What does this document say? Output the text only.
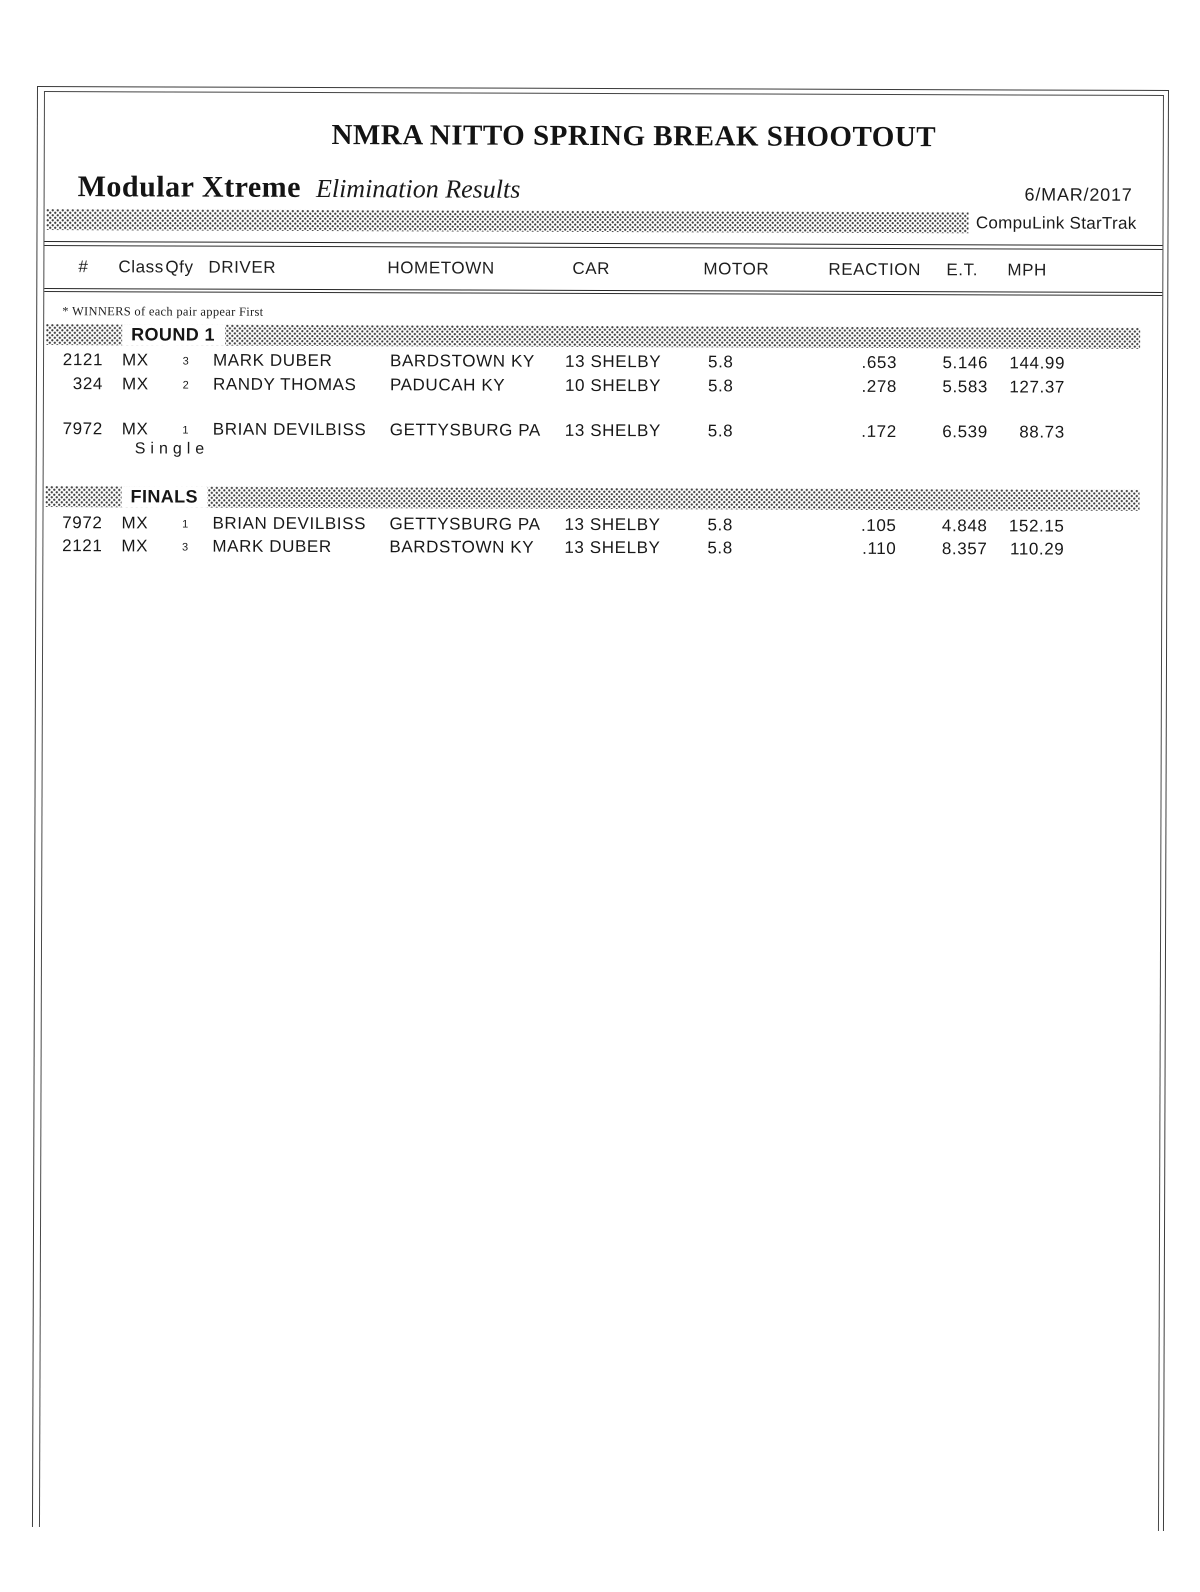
NMRA NITTO SPRING BREAK SHOOTOUT
Modular Xtreme Elimination Results	6/MAR/2017
CompuLink StarTrak
#	Class Qfy DRIVER	HOMETOWN	CAR	MOTOR	REACTION	E.T.	MPH
* WINNERS of each pair appear First
ROUND 1
2121	MX	3	MARK DUBER	BARDSTOWN KY	13 SHELBY	5.8	.653	5.146	144.99
324	MX	2	RANDY THOMAS	PADUCAH KY	10 SHELBY	5.8	.278	5.583	127.37
7972	MX	1	BRIAN DEVILBISS	GETTYSBURG PA	13 SHELBY	5.8	.172	6.539	88.73
Single
FINALS
7972	MX	1	BRIAN DEVILBISS	GETTYSBURG PA	13 SHELBY	5.8	.105	4.848	152.15
2121	MX	3	MARK DUBER	BARDSTOWN KY	13 SHELBY	5.8	.110	8.357	110.29
